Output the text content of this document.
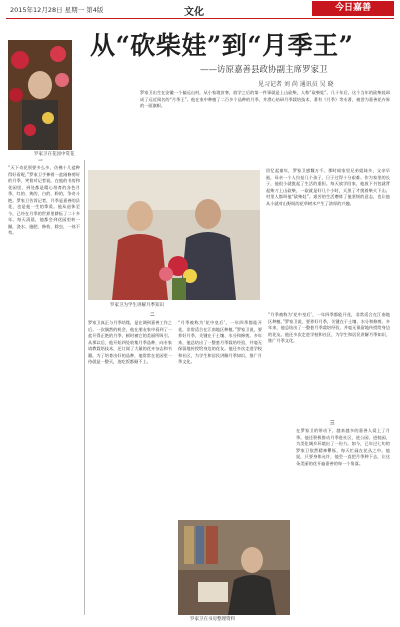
2015年12月28日 星期一 第4版	文化	今日嘉善
从“砍柴娃”到“月季王”
——访原嘉善县政协副主席罗家卫
见习记者 刘 尚 通讯员 吴 晓
罗家卫在花园中赏花
罗家卫出生在安徽一个偏远山村，从小家境贫寒，放学之后的第一件事就是上山砍柴，人称“砍柴娃”。几十年后，这个当年的砍柴娃却成了远近闻名的“月季王”。他在家中种植了二百多个品种的月季，并潜心钻研月季栽培技术，著有《月季》等专著，被誉为嘉善花卉界的一面旗帜。
一
“天下奇花须要多么多，仿佛十几盆种得好看呢，”罗家卫手捧着一盆刚修剪好的月季，笑着对记者说。在他的书房和花园里，到处都是精心培育的各色月季，红的、黄的、白的、粉的，争奇斗艳。罗家卫告诉记者，月季是嘉善的县花，也是他一生的挚爱。他从退休至今，已经在月季的世界里耕耘了二十多年。每天清晨，他都会到花园里转一圈，浇水、施肥、修枝、除虫，一丝不苟。
罗家卫为学生讲解月季知识
回忆起童年，罗家卫感慨万千。那时候家里兄弟姐妹多，父亲早逝，母亲一个人拉扯几个孩子，日子过得十分艰难。作为家里的长子，他很小就挑起了生活的重担。每天放学回家，他放下书包就背起柴刀上山砍柴，一砍就是好几个小时，天黑了才挑着柴火下山。村里人都叫他“砍柴娃”。艰苦的生活磨炼了他坚韧的意志，也让他从小就对山野间的花草树木产生了浓厚的兴趣。
二
罗家卫真正与月季结缘，是在调到嘉善工作之后。一次偶然的机会，他在朋友家中看到了一盆开得正艳的月季，顿时被它的美丽所吸引。从那以后，他开始四处收集月季品种，向专家请教栽培技术，还订阅了大量的花卉杂志和书籍。为了培育出好的品种，他常常在花园里一待就是一整天，连吃饭都顾不上。
“月季被称为‘花中皇后’，一年四季都能开花，非常适合在江南地区种植。”罗家卫说，要养好月季，关键在于土壤、水分和修剪。多年来，他总结出了一整套月季栽培经验，并毫无保留地传授给身边的花友。他还多次走进学校和社区，为学生和居民讲解月季知识，推广月季文化。
“月季被称为‘花中皇后’，一年四季都能开花，非常适合在江南地区种植。”罗家卫说，要养好月季，关键在于土壤、水分和修剪。多年来，他总结出了一整套月季栽培经验，并毫无保留地传授给身边的花友。他还多次走进学校和社区，为学生和居民讲解月季知识，推广月季文化。
三
在罗家卫的带动下，越来越多的嘉善人爱上了月季。他还积极推动月季进社区、进公园、进校园，为美化城乡环境出了一份力。如今，已年过七旬的罗家卫依然精神矍铄，每天忙碌在花丛之中。他说，只要身体允许，他会一直把月季种下去，让这朵美丽的花开遍嘉善的每一个角落。
罗家卫在书房整理资料
